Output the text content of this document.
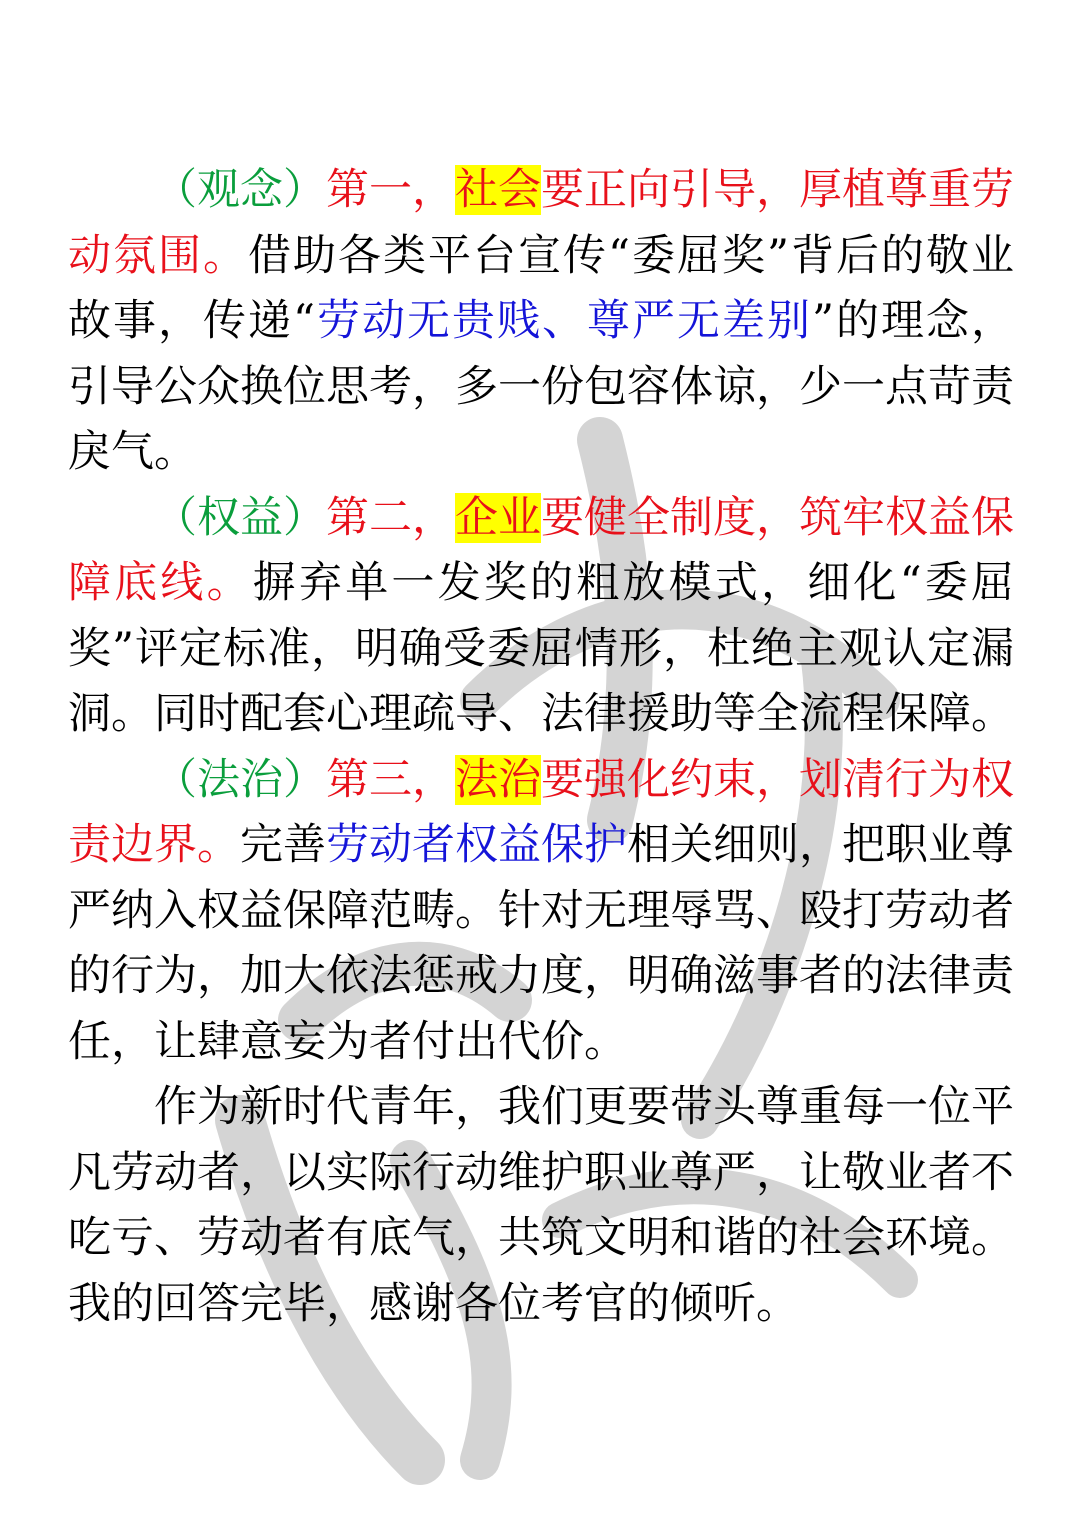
（观念）第一，社会要正向引导，厚植尊重劳动氛围。借助各类平台宣传“委屈奖”背后的敬业故事，传递“劳动无贵贱、尊严无差别”的理念，引导公众换位思考，多一份包容体谅，少一点苛责戾气。

（权益）第二，企业要健全制度，筑牢权益保障底线。摒弃单一发奖的粗放模式，细化“委屈奖”评定标准，明确受委屈情形，杜绝主观认定漏洞。同时配套心理疏导、法律援助等全流程保障。

（法治）第三，法治要强化约束，划清行为权责边界。完善劳动者权益保护相关细则，把职业尊严纳入权益保障范畴。针对无理辱骂、殴打劳动者的行为，加大依法惩戒力度，明确滋事者的法律责任，让肆意妄为者付出代价。

作为新时代青年，我们更要带头尊重每一位平凡劳动者，以实际行动维护职业尊严，让敬业者不吃亏、劳动者有底气，共筑文明和谐的社会环境。我的回答完毕，感谢各位考官的倾听。
